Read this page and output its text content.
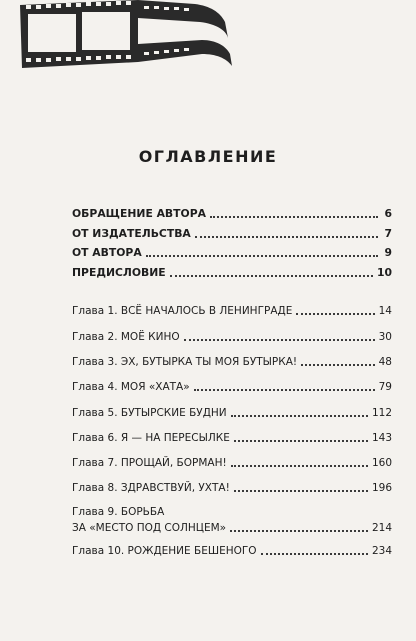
ОГЛАВЛЕНИЕ
ОБРАЩЕНИЕ АВТОРА	6
ОТ ИЗДАТЕЛЬСТВА	7
ОТ АВТОРА	9
ПРЕДИСЛОВИЕ	10
Глава 1. ВСЁ НАЧАЛОСЬ В ЛЕНИНГРАДЕ	14
Глава 2. МОЁ КИНО	30
Глава 3. ЭХ, БУТЫРКА ТЫ МОЯ БУТЫРКА!	48
Глава 4. МОЯ «ХАТА»	79
Глава 5. БУТЫРСКИЕ БУДНИ	112
Глава 6. Я — НА ПЕРЕСЫЛКЕ	143
Глава 7. ПРОЩАЙ, БОРМАН!	160
Глава 8. ЗДРАВСТВУЙ, УХТА!	196
Глава 9. БОРЬБА
ЗА «МЕСТО ПОД СОЛНЦЕМ»	214
Глава 10. РОЖДЕНИЕ БЕШЕНОГО	234
